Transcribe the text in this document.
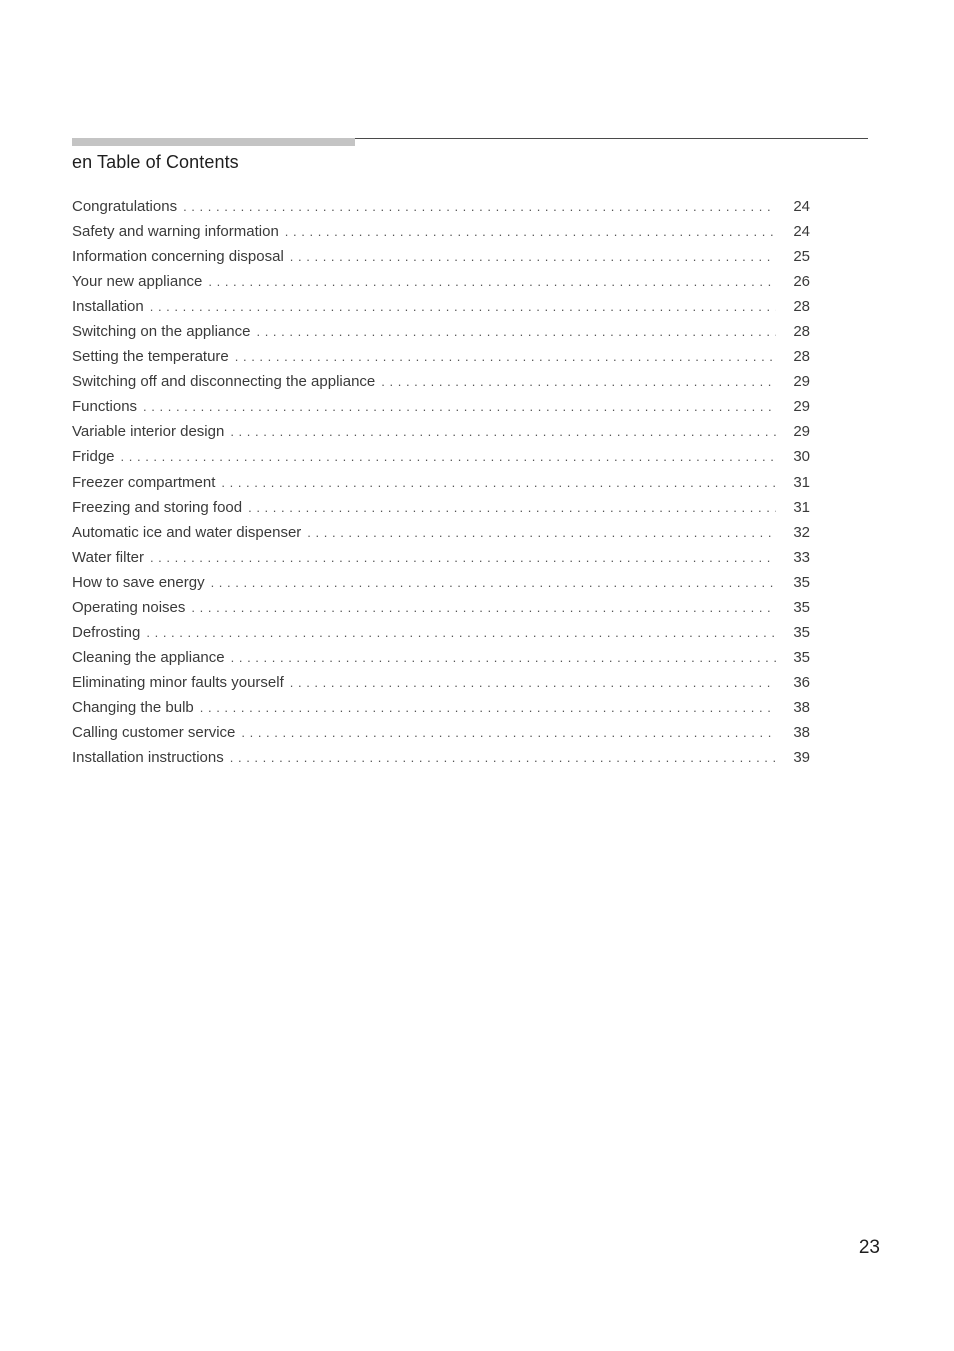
en Table of Contents
Congratulations . . .	24
Safety and warning information . . .	24
Information concerning disposal . . .	25
Your new appliance . . .	26
Installation . . .	28
Switching on the appliance . . .	28
Setting the temperature . . .	28
Switching off and disconnecting the appliance . . .	29
Functions . . .	29
Variable interior design . . .	29
Fridge . . .	30
Freezer compartment . . .	31
Freezing and storing food . . .	31
Automatic ice and water dispenser . . .	32
Water filter . . .	33
How to save energy . . .	35
Operating noises . . .	35
Defrosting . . .	35
Cleaning the appliance . . .	35
Eliminating minor faults yourself . . .	36
Changing the bulb . . .	38
Calling customer service . . .	38
Installation instructions . . .	39
23
